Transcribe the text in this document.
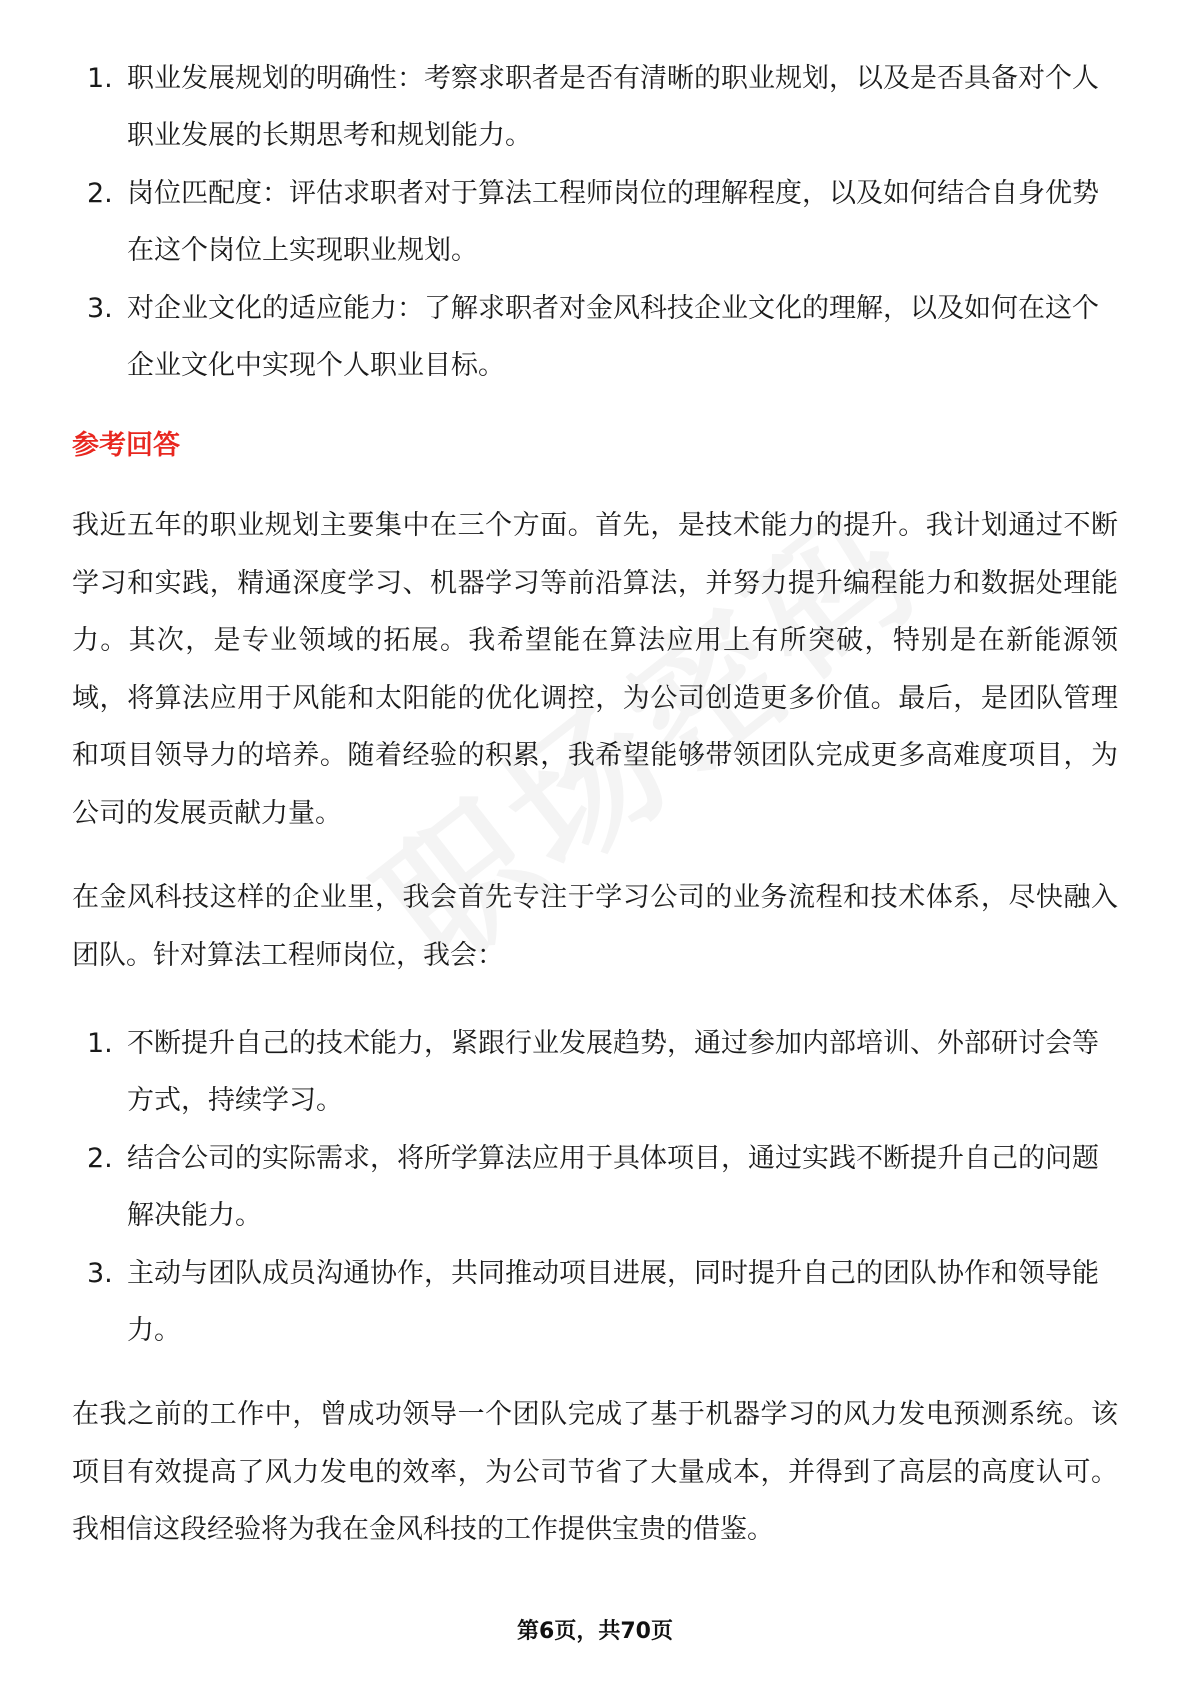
1. 职业发展规划的明确性：考察求职者是否有清晰的职业规划，以及是否具备对个人职业发展的长期思考和规划能力。
2. 岗位匹配度：评估求职者对于算法工程师岗位的理解程度，以及如何结合自身优势在这个岗位上实现职业规划。
3. 对企业文化的适应能力：了解求职者对金风科技企业文化的理解，以及如何在这个企业文化中实现个人职业目标。
参考回答

我近五年的职业规划主要集中在三个方面。首先，是技术能力的提升。我计划通过不断学习和实践，精通深度学习、机器学习等前沿算法，并努力提升编程能力和数据处理能力。其次，是专业领域的拓展。我希望能在算法应用上有所突破，特别是在新能源领域，将算法应用于风能和太阳能的优化调控，为公司创造更多价值。最后，是团队管理和项目领导力的培养。随着经验的积累，我希望能够带领团队完成更多高难度项目，为公司的发展贡献力量。

在金风科技这样的企业里，我会首先专注于学习公司的业务流程和技术体系，尽快融入团队。针对算法工程师岗位，我会：

1. 不断提升自己的技术能力，紧跟行业发展趋势，通过参加内部培训、外部研讨会等方式，持续学习。
2. 结合公司的实际需求，将所学算法应用于具体项目，通过实践不断提升自己的问题解决能力。
3. 主动与团队成员沟通协作，共同推动项目进展，同时提升自己的团队协作和领导能力。

在我之前的工作中，曾成功领导一个团队完成了基于机器学习的风力发电预测系统。该项目有效提高了风力发电的效率，为公司节省了大量成本，并得到了高层的高度认可。我相信这段经验将为我在金风科技的工作提供宝贵的借鉴。

第6页，共70页
